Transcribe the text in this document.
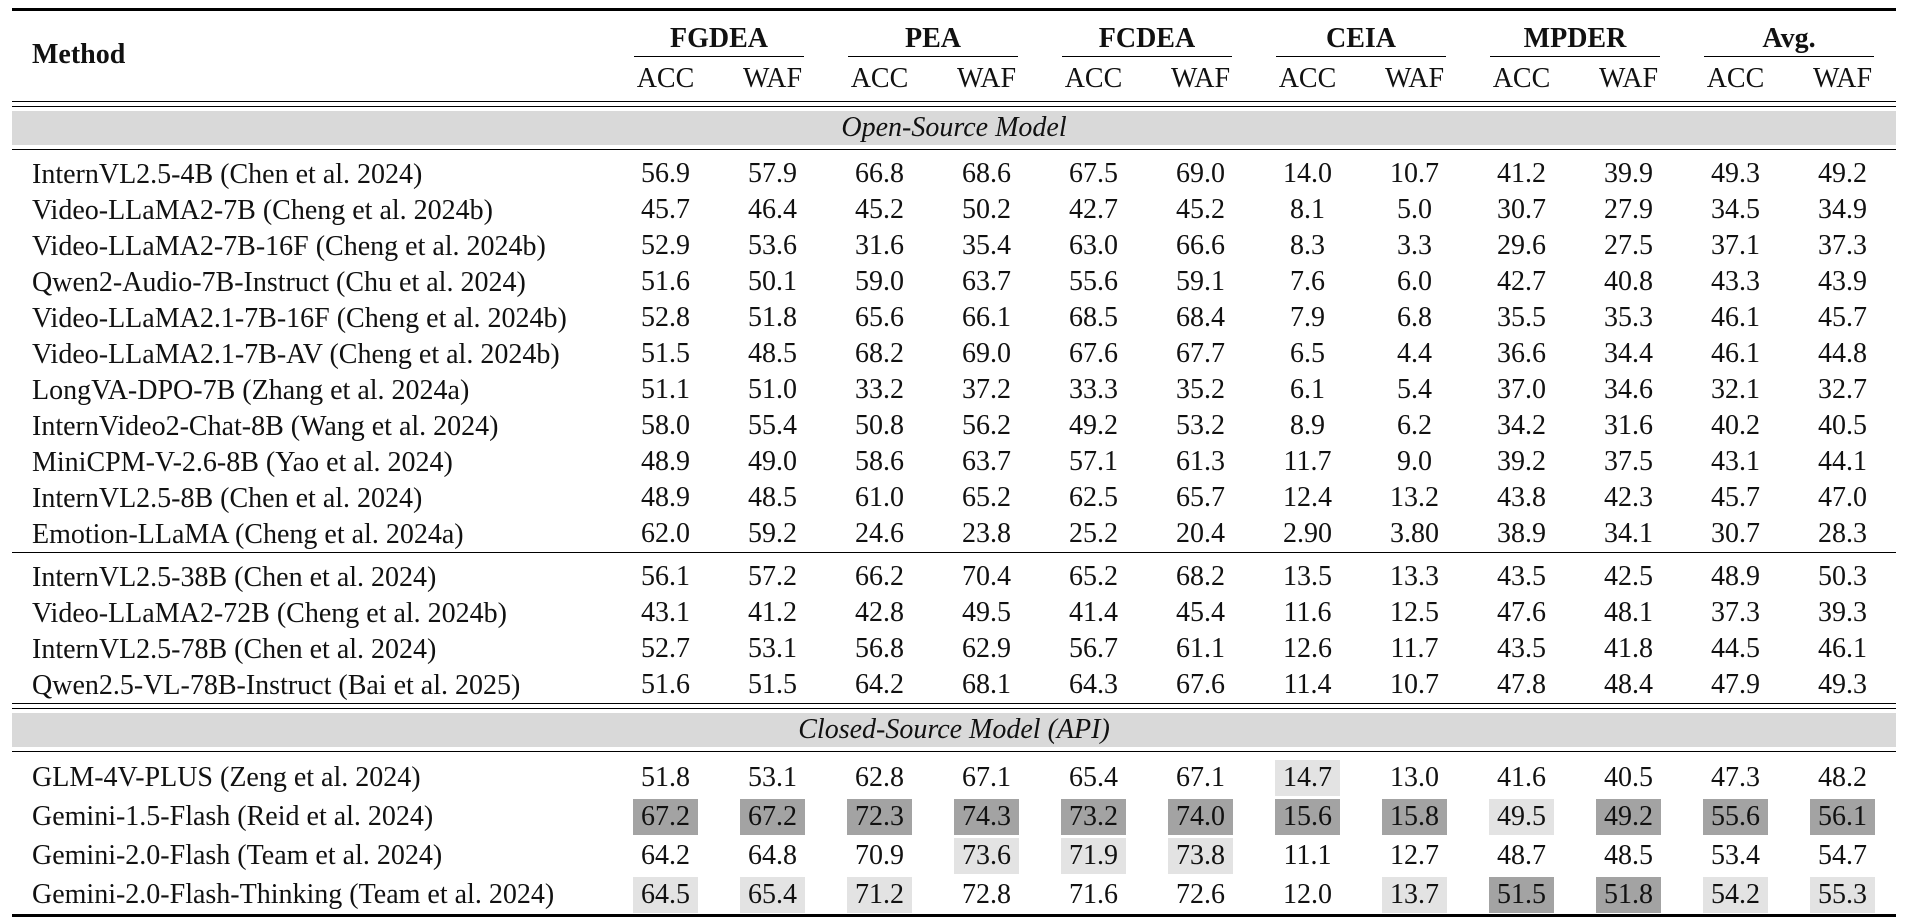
Method	FGDEA		PEA		FCDEA		CEIA		MPDER		Avg.	

	ACC	WAF	ACC	WAF	ACC	WAF	ACC	WAF	ACC	WAF	ACC	WAF

Open-Source Model												

InternVL2.5-4B (Chen et al. 2024)	56.9	57.9	66.8	68.6	67.5	69.0	14.0	10.7	41.2	39.9	49.3	49.2
Video-LLaMA2-7B (Cheng et al. 2024b)	45.7	46.4	45.2	50.2	42.7	45.2	8.1	5.0	30.7	27.9	34.5	34.9
Video-LLaMA2-7B-16F (Cheng et al. 2024b)	52.9	53.6	31.6	35.4	63.0	66.6	8.3	3.3	29.6	27.5	37.1	37.3
Qwen2-Audio-7B-Instruct (Chu et al. 2024)	51.6	50.1	59.0	63.7	55.6	59.1	7.6	6.0	42.7	40.8	43.3	43.9
Video-LLaMA2.1-7B-16F (Cheng et al. 2024b)	52.8	51.8	65.6	66.1	68.5	68.4	7.9	6.8	35.5	35.3	46.1	45.7
Video-LLaMA2.1-7B-AV (Cheng et al. 2024b)	51.5	48.5	68.2	69.0	67.6	67.7	6.5	4.4	36.6	34.4	46.1	44.8
LongVA-DPO-7B (Zhang et al. 2024a)	51.1	51.0	33.2	37.2	33.3	35.2	6.1	5.4	37.0	34.6	32.1	32.7
InternVideo2-Chat-8B (Wang et al. 2024)	58.0	55.4	50.8	56.2	49.2	53.2	8.9	6.2	34.2	31.6	40.2	40.5
MiniCPM-V-2.6-8B (Yao et al. 2024)	48.9	49.0	58.6	63.7	57.1	61.3	11.7	9.0	39.2	37.5	43.1	44.1
InternVL2.5-8B (Chen et al. 2024)	48.9	48.5	61.0	65.2	62.5	65.7	12.4	13.2	43.8	42.3	45.7	47.0
Emotion-LLaMA (Cheng et al. 2024a)	62.0	59.2	24.6	23.8	25.2	20.4	2.90	3.80	38.9	34.1	30.7	28.3

InternVL2.5-38B (Chen et al. 2024)	56.1	57.2	66.2	70.4	65.2	68.2	13.5	13.3	43.5	42.5	48.9	50.3
Video-LLaMA2-72B (Cheng et al. 2024b)	43.1	41.2	42.8	49.5	41.4	45.4	11.6	12.5	47.6	48.1	37.3	39.3
InternVL2.5-78B (Chen et al. 2024)	52.7	53.1	56.8	62.9	56.7	61.1	12.6	11.7	43.5	41.8	44.5	46.1
Qwen2.5-VL-78B-Instruct (Bai et al. 2025)	51.6	51.5	64.2	68.1	64.3	67.6	11.4	10.7	47.8	48.4	47.9	49.3

Closed-Source Model (API)												

GLM-4V-PLUS (Zeng et al. 2024)	51.8	53.1	62.8	67.1	65.4	67.1	14.7	13.0	41.6	40.5	47.3	48.2
Gemini-1.5-Flash (Reid et al. 2024)	67.2	67.2	72.3	74.3	73.2	74.0	15.6	15.8	49.5	49.2	55.6	56.1
Gemini-2.0-Flash (Team et al. 2024)	64.2	64.8	70.9	73.6	71.9	73.8	11.1	12.7	48.7	48.5	53.4	54.7
Gemini-2.0-Flash-Thinking (Team et al. 2024)	64.5	65.4	71.2	72.8	71.6	72.6	12.0	13.7	51.5	51.8	54.2	55.3
